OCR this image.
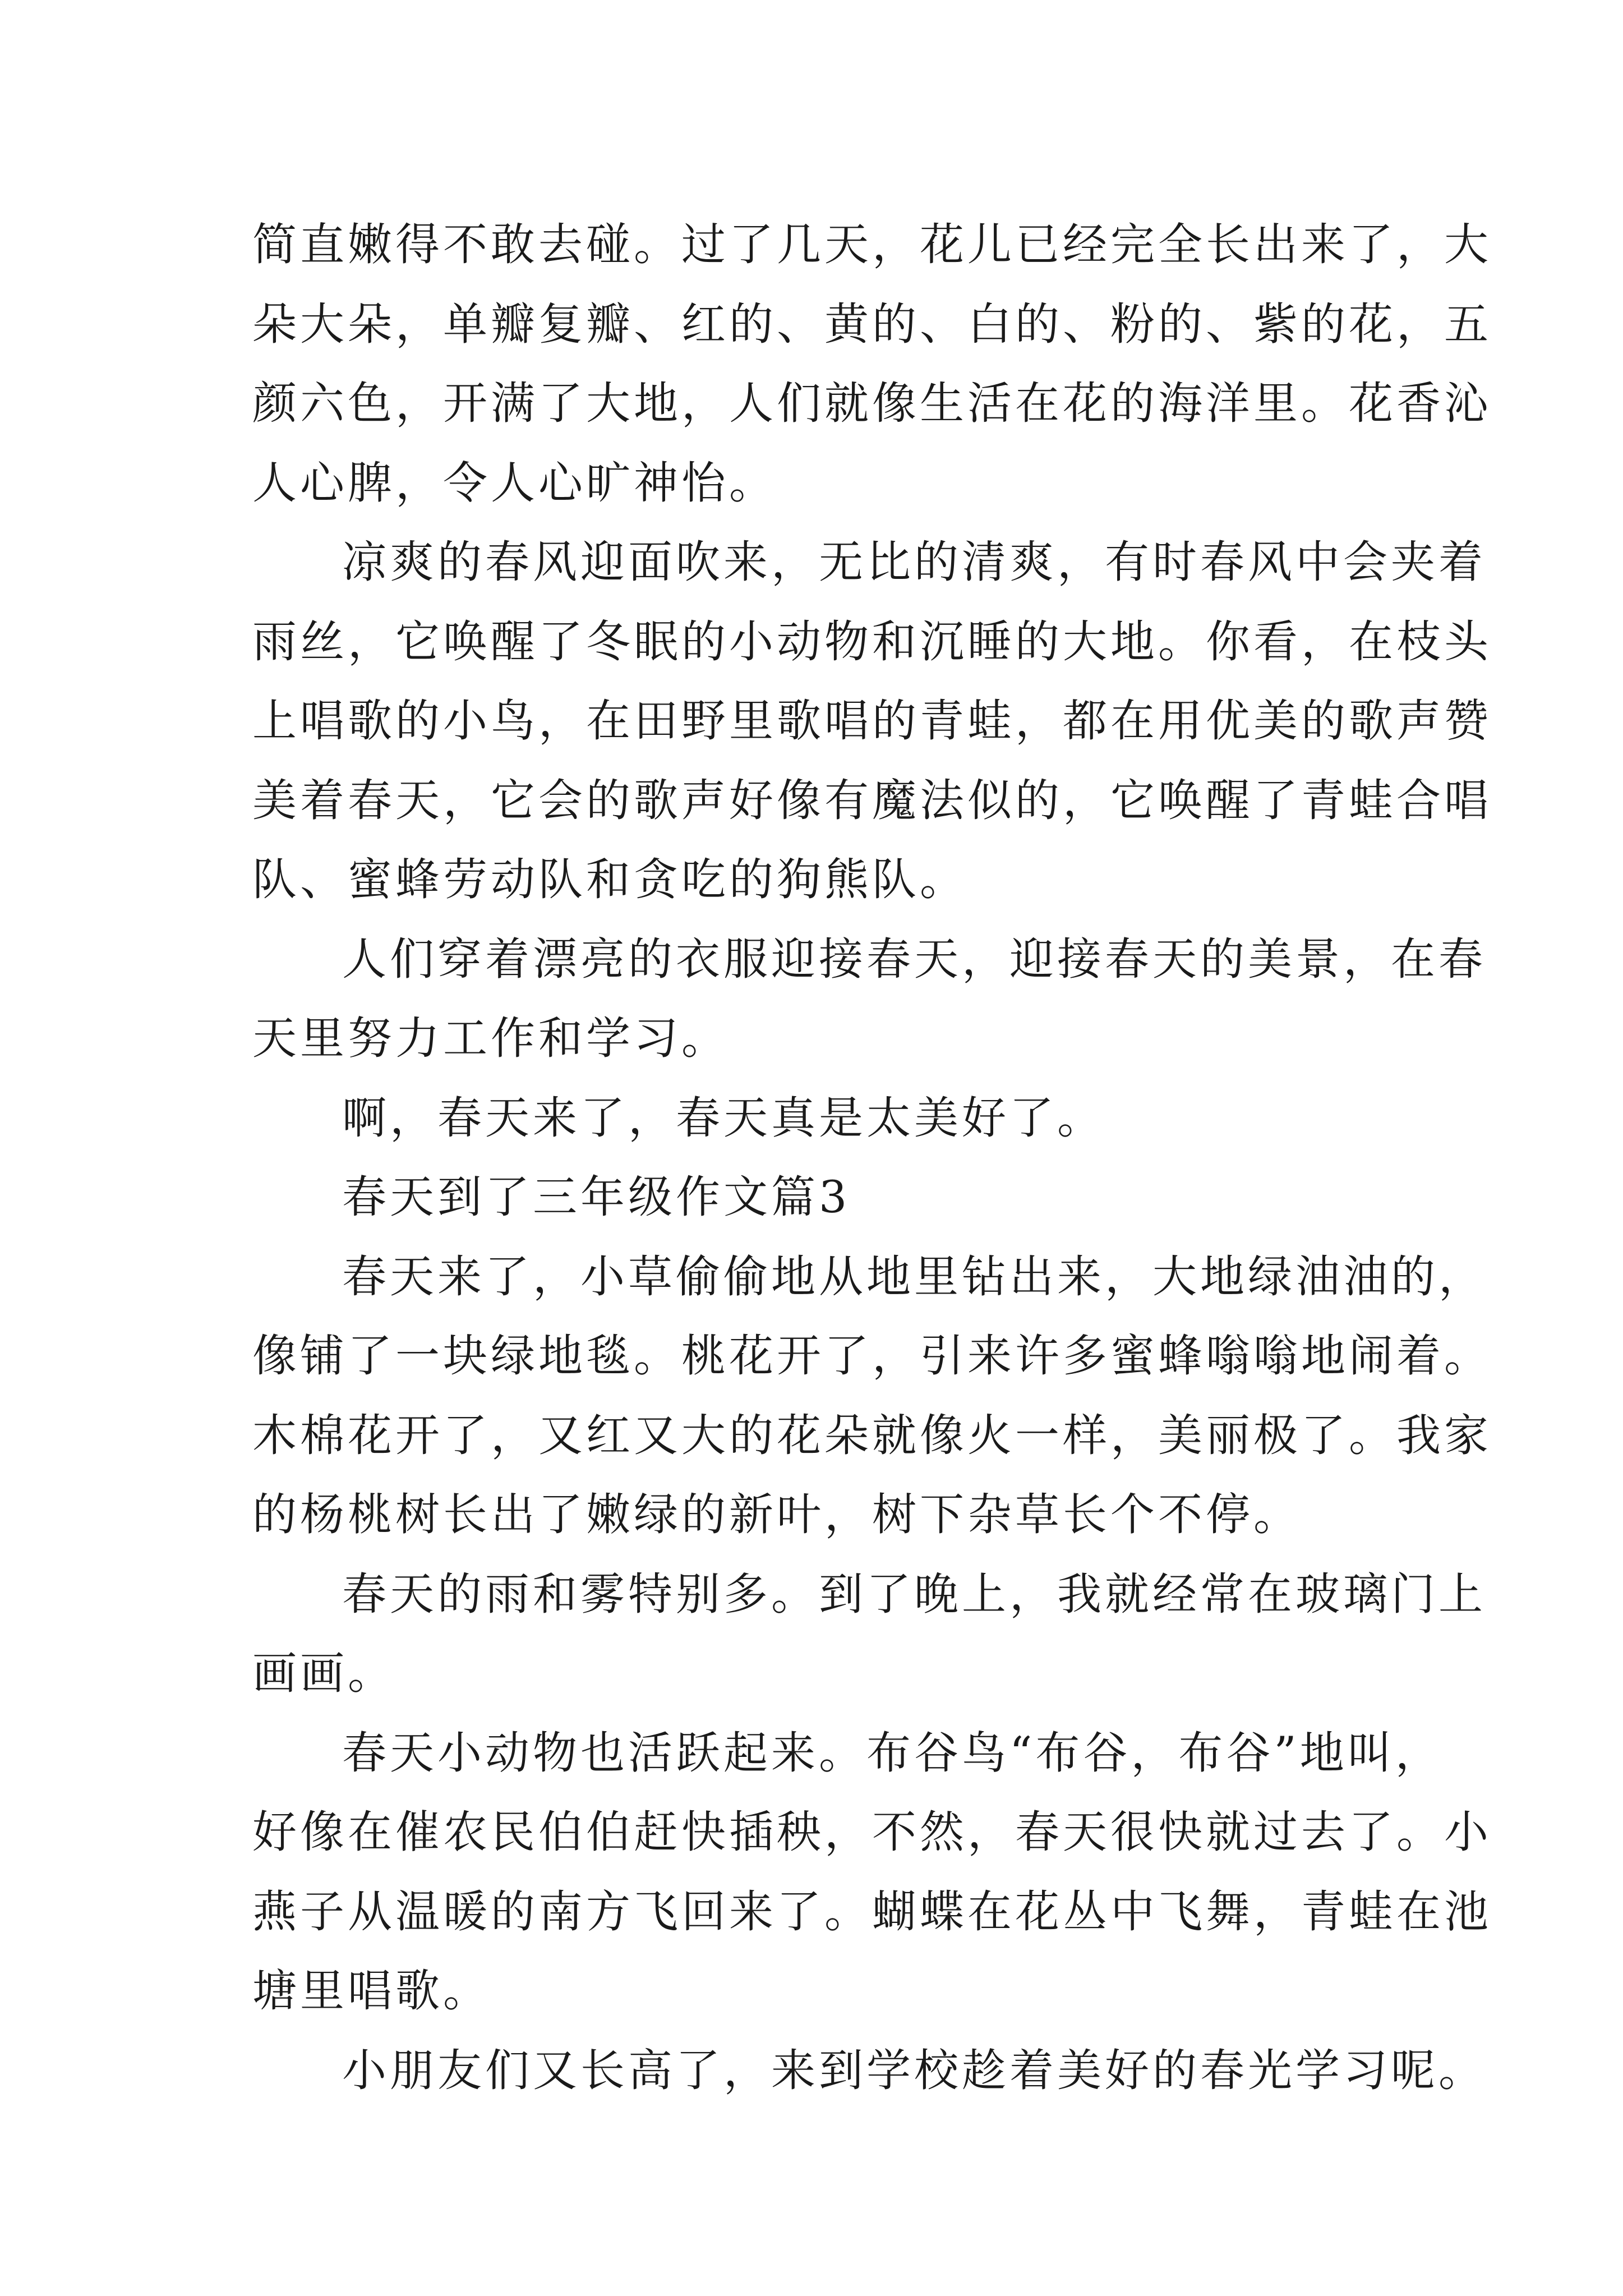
简直嫩得不敢去碰。过了几天，花儿已经完全长出来了，大
朵大朵，单瓣复瓣、红的、黄的、白的、粉的、紫的花，五
颜六色，开满了大地，人们就像生活在花的海洋里。花香沁
人心脾，令人心旷神怡。
凉爽的春风迎面吹来，无比的清爽，有时春风中会夹着
雨丝，它唤醒了冬眠的小动物和沉睡的大地。你看，在枝头
上唱歌的小鸟，在田野里歌唱的青蛙，都在用优美的歌声赞
美着春天，它会的歌声好像有魔法似的，它唤醒了青蛙合唱
队、蜜蜂劳动队和贪吃的狗熊队。
人们穿着漂亮的衣服迎接春天，迎接春天的美景，在春
天里努力工作和学习。
啊，春天来了，春天真是太美好了。
春天到了三年级作文篇3
春天来了，小草偷偷地从地里钻出来，大地绿油油的，
像铺了一块绿地毯。桃花开了，引来许多蜜蜂嗡嗡地闹着。
木棉花开了，又红又大的花朵就像火一样，美丽极了。我家
的杨桃树长出了嫩绿的新叶，树下杂草长个不停。
春天的雨和雾特别多。到了晚上，我就经常在玻璃门上
画画。
春天小动物也活跃起来。布谷鸟“布谷，布谷”地叫，
好像在催农民伯伯赶快插秧，不然，春天很快就过去了。小
燕子从温暖的南方飞回来了。蝴蝶在花丛中飞舞，青蛙在池
塘里唱歌。
小朋友们又长高了，来到学校趁着美好的春光学习呢。
